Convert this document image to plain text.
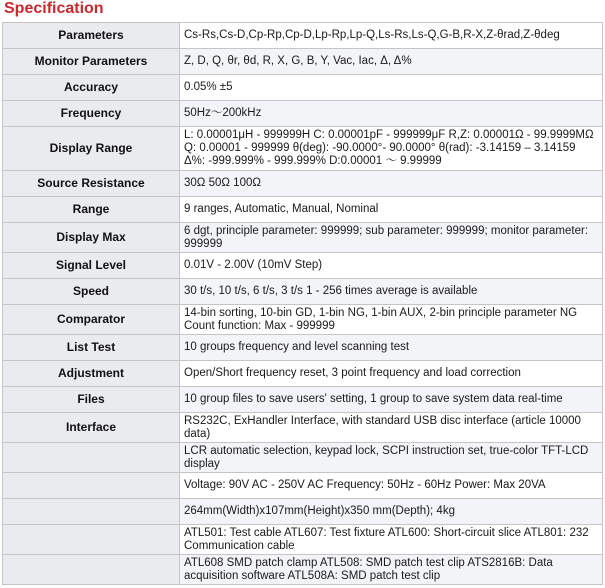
Specification
Parameters	Cs-Rs,Cs-D,Cp-Rp,Cp-D,Lp-Rp,Lp-Q,Ls-Rs,Ls-Q,G-B,R-X,Z-θrad,Z-θdeg
Monitor Parameters	Z, D, Q, θr, θd, R, X, G, B, Y, Vac, Iac, Δ, Δ%
Accuracy	0.05% ±5
Frequency	50Hz～200kHz
Display Range	L: 0.00001μH - 999999H C: 0.00001pF - 999999μF R,Z: 0.00001Ω - 99.9999MΩ Q: 0.00001 - 999999 θ(deg): -90.0000°- 90.0000° θ(rad): -3.14159 – 3.14159 Δ%: -999.999% - 999.999% D:0.00001 ～ 9.99999
Source Resistance	30Ω 50Ω 100Ω
Range	9 ranges, Automatic, Manual, Nominal
Display Max	6 dgt, principle parameter: 999999; sub parameter: 999999; monitor parameter: 999999
Signal Level	0.01V - 2.00V (10mV Step)
Speed	30 t/s, 10 t/s, 6 t/s, 3 t/s 1 - 256 times average is available
Comparator	14-bin sorting, 10-bin GD, 1-bin NG, 1-bin AUX, 2-bin principle parameter NG Count function: Max - 999999
List Test	10 groups frequency and level scanning test
Adjustment	Open/Short frequency reset, 3 point frequency and load correction
Files	10 group files to save users' setting, 1 group to save system data real-time
Interface	RS232C, ExHandler Interface, with standard USB disc interface (article 10000 data)
	LCR automatic selection, keypad lock, SCPI instruction set, true-color TFT-LCD display
	Voltage: 90V AC - 250V AC Frequency: 50Hz - 60Hz Power: Max 20VA
	264mm(Width)x107mm(Height)x350 mm(Depth); 4kg
	ATL501: Test cable ATL607: Test fixture ATL600: Short-circuit slice ATL801: 232 Communication cable
	ATL608 SMD patch clamp ATL508: SMD patch test clip ATS2816B: Data acquisition software ATL508A: SMD patch test clip
